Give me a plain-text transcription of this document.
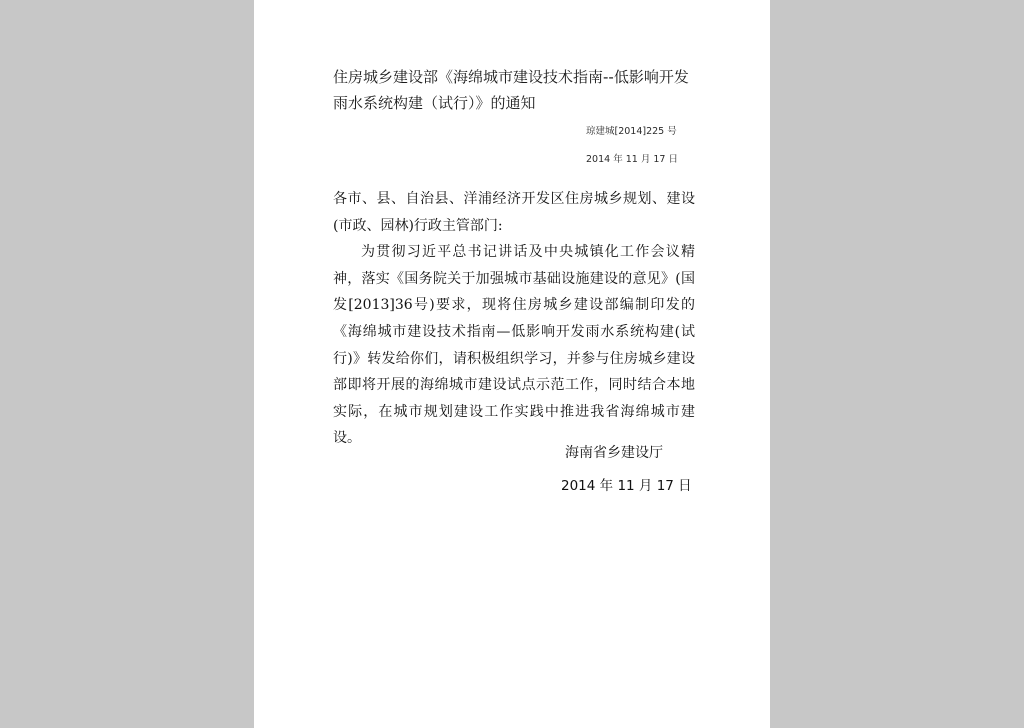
住房城乡建设部《海绵城市建设技术指南--低影响开发雨水系统构建（试行）》的通知
琼建城[2014]225 号
2014 年 11 月 17 日

各市、县、自治县、洋浦经济开发区住房城乡规划、建设(市政、园林)行政主管部门:

为贯彻习近平总书记讲话及中央城镇化工作会议精神，落实《国务院关于加强城市基础设施建设的意见》(国发[2013]36号)要求，现将住房城乡建设部编制印发的《海绵城市建设技术指南—低影响开发雨水系统构建(试行)》转发给你们，请积极组织学习，并参与住房城乡建设部即将开展的海绵城市建设试点示范工作，同时结合本地实际，在城市规划建设工作实践中推进我省海绵城市建设。

海南省乡建设厅
2014 年 11 月 17 日
